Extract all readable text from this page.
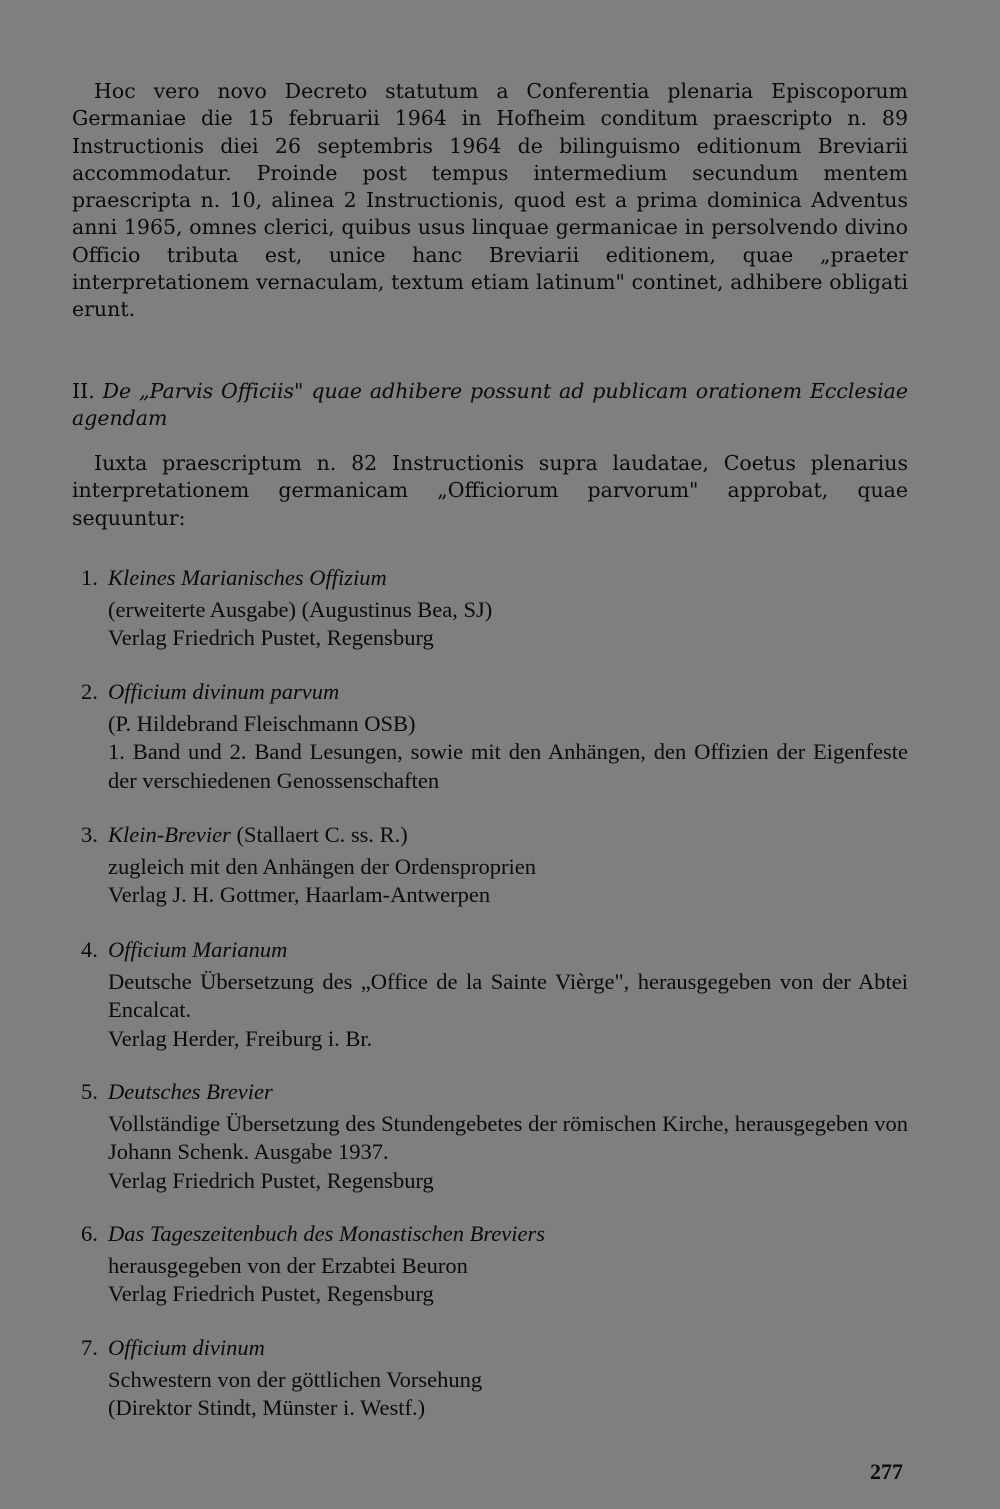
Hoc vero novo Decreto statutum a Conferentia plenaria Episcoporum Germaniae die 15 februarii 1964 in Hofheim conditum praescripto n. 89 Instructionis diei 26 septembris 1964 de bilinguismo editionum Breviarii accommodatur. Proinde post tempus intermedium secundum mentem praescripta n. 10, alinea 2 Instructionis, quod est a prima dominica Adventus anni 1965, omnes clerici, quibus usus linquae germanicae in persolvendo divino Officio tributa est, unice hanc Breviarii editionem, quae „praeter interpretationem vernaculam, textum etiam latinum" continet, adhibere obligati erunt.

II. De „Parvis Officiis" quae adhibere possunt ad publicam orationem Ecclesiae agendam

Iuxta praescriptum n. 82 Instructionis supra laudatae, Coetus plenarius interpretationem germanicam „Officiorum parvorum" approbat, quae sequuntur:

1. Kleines Marianisches Offizium
(erweiterte Ausgabe) (Augustinus Bea, SJ)
Verlag Friedrich Pustet, Regensburg
2. Officium divinum parvum
(P. Hildebrand Fleischmann OSB)
1. Band und 2. Band Lesungen, sowie mit den Anhängen, den Offizien der Eigenfeste der verschiedenen Genossenschaften
3. Klein-Brevier (Stallaert C. ss. R.)
zugleich mit den Anhängen der Ordensproprien
Verlag J. H. Gottmer, Haarlam-Antwerpen
4. Officium Marianum
Deutsche Übersetzung des „Office de la Sainte Vièrge", herausgegeben von der Abtei Encalcat.
Verlag Herder, Freiburg i. Br.
5. Deutsches Brevier
Vollständige Übersetzung des Stundengebetes der römischen Kirche, herausgegeben von Johann Schenk. Ausgabe 1937.
Verlag Friedrich Pustet, Regensburg
6. Das Tageszeitenbuch des Monastischen Breviers
herausgegeben von der Erzabtei Beuron
Verlag Friedrich Pustet, Regensburg
7. Officium divinum
Schwestern von der göttlichen Vorsehung
(Direktor Stindt, Münster i. Westf.)
277
